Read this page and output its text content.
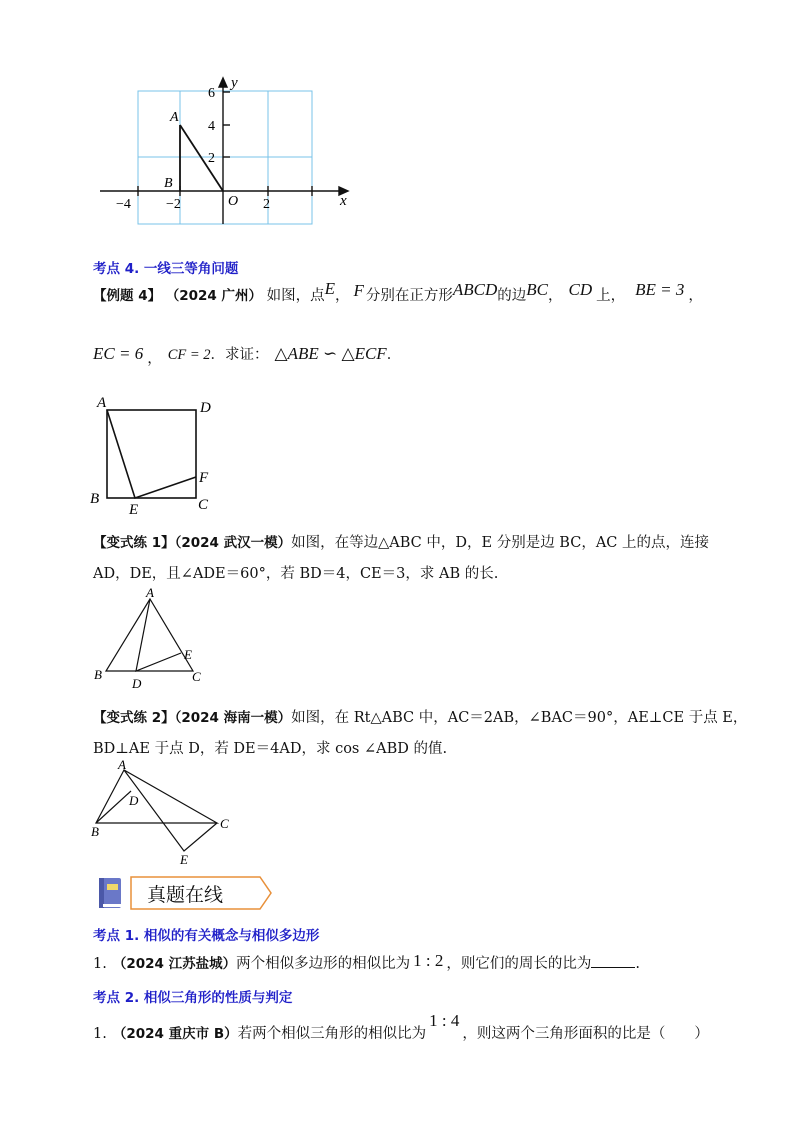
y
x
6
4
2
−4	−2	2
O
A
B
考点 4. 一线三等角问题
【例题 4】 （2024 广州） 如图，点E， F 分别在正方形ABCD的边BC， CD 上， BE = 3 ，
EC = 6 ， CF = 2．求证： △ABE ∽ △ECF．
A	D
F
B
E	C
【变式练 1】（2024 武汉一模）如图，在等边△ABC 中，D，E 分别是边 BC，AC 上的点，连接
AD，DE，且∠ADE＝60°，若 BD＝4，CE＝3，求 AB 的长.
A
B	C
D
E
【变式练 2】（2024 海南一模）如图，在 Rt△ABC 中，AC＝2AB，∠BAC＝90°，AE⊥CE 于点 E，
BD⊥AE 于点 D，若 DE＝4AD，求 cos ∠ABD 的值.
A
B
C
D
E
真题在线
考点 1. 相似的有关概念与相似多边形
1. （2024 江苏盐城）两个相似多边形的相似比为 1 : 2 ，则它们的周长的比为	.
考点 2. 相似三角形的性质与判定
1. （2024 重庆市 B）若两个相似三角形的相似比为1 : 4，则这两个三角形面积的比是（　　）
